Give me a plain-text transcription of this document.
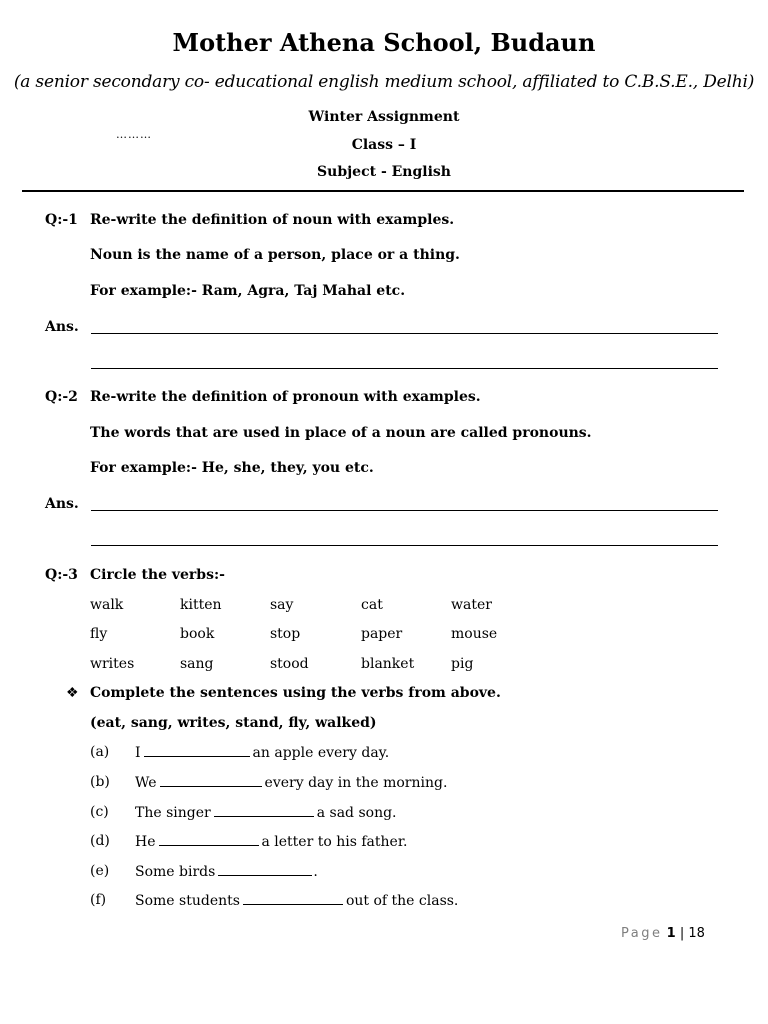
Mother Athena School, Budaun
(a senior secondary co- educational english medium school, affiliated to C.B.S.E., Delhi)
Winter Assignment
………
Class – I
Subject - English
Q:-1 Re-write the definition of noun with examples.
Noun is the name of a person, place or a thing.
For example:- Ram, Agra, Taj Mahal etc.
Ans.
Q:-2 Re-write the definition of pronoun with examples.
The words that are used in place of a noun are called pronouns.
For example:- He, she, they, you etc.
Ans.
Q:-3 Circle the verbs:-
walk	kitten	say	cat	water
fly	book	stop	paper	mouse
writes	sang	stood	blanket	pig
❖ Complete the sentences using the verbs from above.
(eat, sang, writes, stand, fly, walked)
(a) I	an apple every day.
(b) We	every day in the morning.
(c) The singer	a sad song.
(d) He	a letter to his father.
(e) Some birds	.
(f) Some students	out of the class.
Page 1 | 18
